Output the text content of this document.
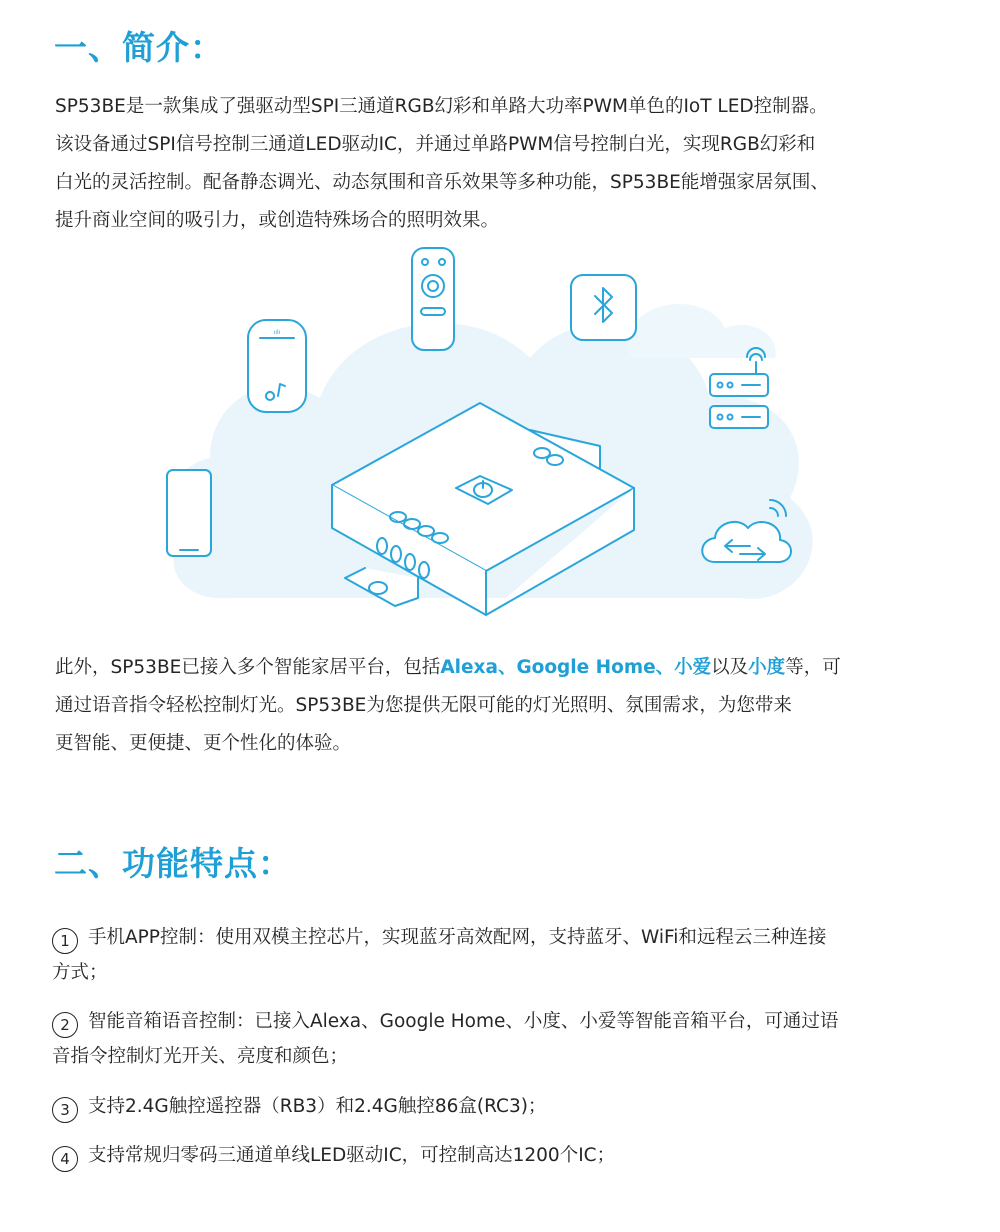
一、简介：

SP53BE是一款集成了强驱动型SPI三通道RGB幻彩和单路大功率PWM单色的IoT LED控制器。

该设备通过SPI信号控制三通道LED驱动IC，并通过单路PWM信号控制白光，实现RGB幻彩和

白光的灵活控制。配备静态调光、动态氛围和音乐效果等多种功能，SP53BE能增强家居氛围、

提升商业空间的吸引力，或创造特殊场合的照明效果。

ıılı

此外，SP53BE已接入多个智能家居平台，包括Alexa、Google Home、小爱以及小度等，可

通过语音指令轻松控制灯光。SP53BE为您提供无限可能的灯光照明、氛围需求，为您带来

更智能、更便捷、更个性化的体验。

二、功能特点：

1 手机APP控制：使用双模主控芯片，实现蓝牙高效配网，支持蓝牙、WiFi和远程云三种连接

方式；

2 智能音箱语音控制：已接入Alexa、Google Home、小度、小爱等智能音箱平台，可通过语

音指令控制灯光开关、亮度和颜色；

3 支持2.4G触控遥控器（RB3）和2.4G触控86盒(RC3)；

4 支持常规归零码三通道单线LED驱动IC，可控制高达1200个IC；
